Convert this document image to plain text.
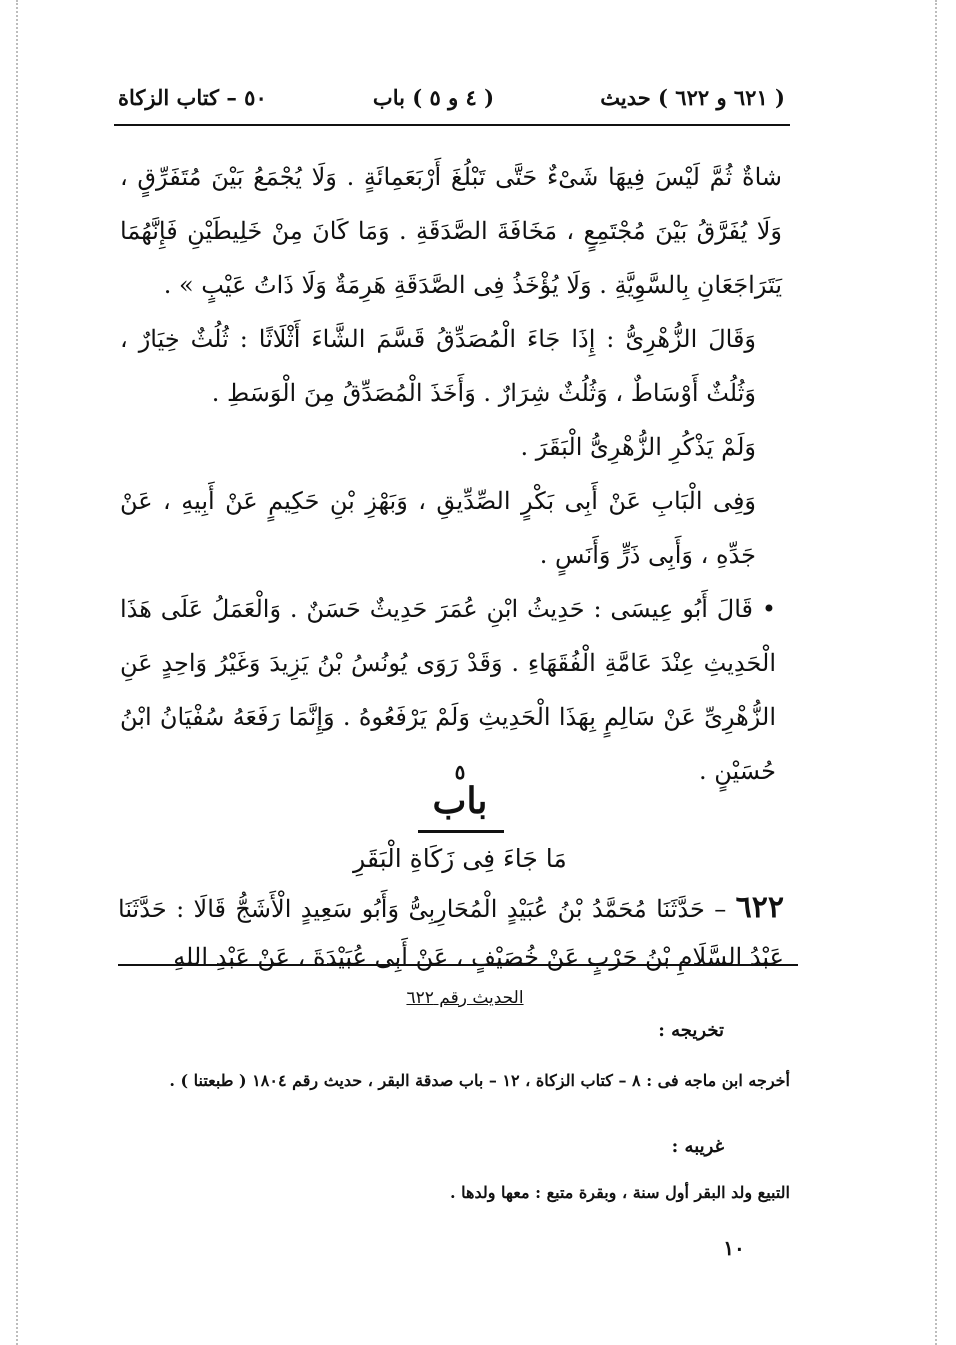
٥٠ – كتاب الزكاة	( ٤ و ٥ ) باب	( ٦٢١ و ٦٢٢ ) حديث

شاةٌ ثُمَّ لَيْسَ فِيهَا شَىْءٌ حَتَّى تَبْلُغَ أَرْبَعَمِائَةٍ . وَلَا يُجْمَعُ بَيْنَ مُتَفَرِّقٍ ، وَلَا يُفَرَّقُ بَيْنَ مُجْتَمِعٍ ، مَخَافَةَ الصَّدَقَةِ . وَمَا كَانَ مِنْ خَلِيطَيْنِ فَإِنَّهُمَا يَتَرَاجَعَانِ بِالسَّوِيَّةِ . وَلَا يُؤْخَذُ فِى الصَّدَقَةِ هَرِمَةٌ وَلَا ذَاتُ عَيْبٍ » .

وَقَالَ الزُّهْرِىُّ : إِذَا جَاءَ الْمُصَدِّقُ قَسَّمَ الشَّاءَ أَثْلَاثًا : ثُلُثٌ خِيَارٌ ، وَثُلُثٌ أَوْسَاطٌ ، وَثُلُثٌ شِرَارٌ . وَأَخَذَ الْمُصَدِّقُ مِنَ الْوَسَطِ .

وَلَمْ يَذْكُرِ الزُّهْرِىُّ الْبَقَرَ .

وَفِى الْبَابِ عَنْ أَبِى بَكْرٍ الصِّدِّيقِ ، وَبَهْزِ بْنِ حَكِيمٍ عَنْ أَبِيهِ ، عَنْ جَدِّهِ ، وَأَبِى ذَرٍّ وَأَنَسٍ .

• قَالَ أَبُو عِيسَى : حَدِيثُ ابْنِ عُمَرَ حَدِيثٌ حَسَنٌ . وَالْعَمَلُ عَلَى هَذَا الْحَدِيثِ عِنْدَ عَامَّةِ الْفُقَهَاءِ . وَقَدْ رَوَى يُونُسُ بْنُ يَزِيدَ وَغَيْرُ وَاحِدٍ عَنِ الزُّهْرِىِّ عَنْ سَالِمٍ بِهَذَا الْحَدِيثِ وَلَمْ يَرْفَعُوهُ . وَإِنَّمَا رَفَعَهُ سُفْيَانُ ابْنُ حُسَيْنٍ .

٥
باب
مَا جَاءَ فِى زَكَاةِ الْبَقَرِ
٦٢٢ – حَدَّثَنَا مُحَمَّدُ بْنُ عُبَيْدٍ الْمُحَارِبِىُّ وَأَبُو سَعِيدٍ الْأَشَجُّ قَالَا : حَدَّثَنَا عَبْدُ السَّلَامِ بْنُ حَرْبٍ عَنْ خُصَيْفٍ ، عَنْ أَبِى عُبَيْدَةَ ، عَنْ عَبْدِ اللهِ
الحديث رقم ٦٢٢
تخريجه :
أخرجه ابن ماجه فى : ٨ – كتاب الزكاة ، ١٢ – باب صدقة البقر ، حديث رقم ١٨٠٤ ( طبعتنا ) .
غريبه :
التبيع ولد البقر أول سنة ، وبقرة متبع : معها ولدها .
١٠
